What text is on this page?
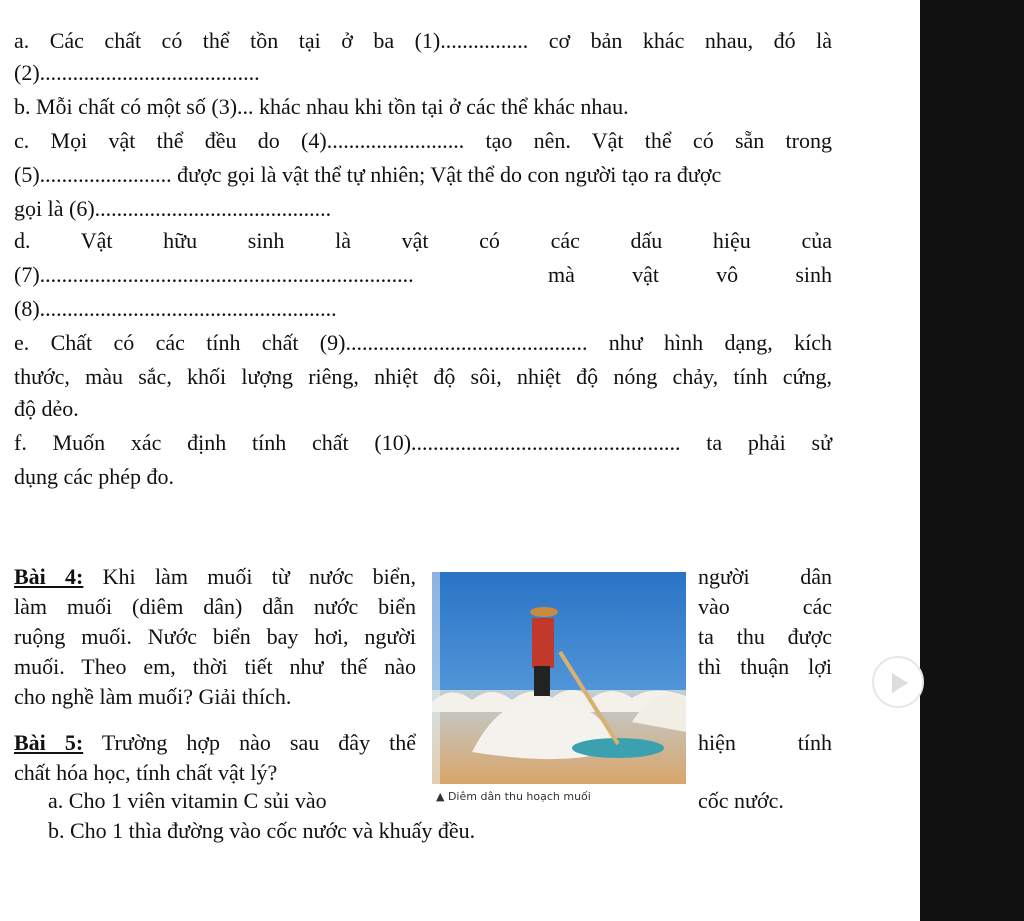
a. Các chất có thể tồn tại ở ba (1)................ cơ bản khác nhau, đó là
(2)........................................
b. Mỗi chất có một số (3)... khác nhau khi tồn tại ở các thể khác nhau.
c. Mọi vật thể đều do (4)......................... tạo nên. Vật thể có sẵn trong
(5)........................ được gọi là vật thể tự nhiên; Vật thể do con người tạo ra được
gọi là (6)...........................................
d. Vật hữu sinh là vật có các dấu hiệu của
(7)....................................................................	mà vật vô sinh
(8)......................................................
e. Chất có các tính chất (9)............................................ như hình dạng, kích
thước, màu sắc, khối lượng riêng, nhiệt độ sôi, nhiệt độ nóng chảy, tính cứng,
độ dẻo.
f. Muốn xác định tính chất (10)................................................. ta phải sử
dụng các phép đo.
Bài 4: Khi làm muối từ nước biển,
làm muối (diêm dân) dẫn nước biển
ruộng muối. Nước biển bay hơi, người
muối. Theo em, thời tiết như thế nào
cho nghề làm muối? Giải thích.
người dân
vào các
ta thu được
thì thuận lợi
Bài 5: Trường hợp nào sau đây thể
chất hóa học, tính chất vật lý?
hiện tính
a. Cho 1 viên vitamin C sủi vào	cốc nước.
b. Cho 1 thìa đường vào cốc nước và khuấy đều.
▲ Diêm dân thu hoạch muối
